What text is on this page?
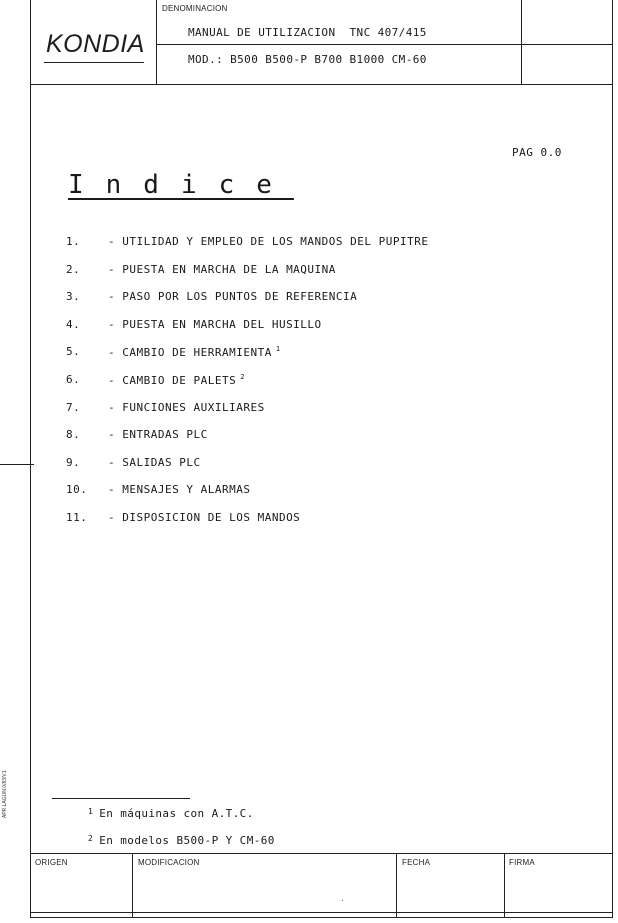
KONDIA
DENOMINACION
MANUAL DE UTILIZACION  TNC 407/415
MOD.: B500 B500-P B700 B1000 CM-60
PAG 0.0
Indice
1.	- UTILIDAD Y EMPLEO DE LOS MANDOS DEL PUPITRE
2.	- PUESTA EN MARCHA DE LA MAQUINA
3.	- PASO POR LOS PUNTOS DE REFERENCIA
4.	- PUESTA EN MARCHA DEL HUSILLO
5.	- CAMBIO DE HERRAMIENTA $^1$
6.	- CAMBIO DE PALETS $^2$
7.	- FUNCIONES AUXILIARES
8.	- ENTRADAS PLC
9.	- SALIDAS PLC
10. - MENSAJES Y ALARMAS
11. - DISPOSICION DE LOS MANDOS
APR.LAGUN.0/83/V1	$^1$ En máquinas con A.T.C.
$^2$ En modelos B500-P Y CM-60
ORIGEN	MODIFICACION	FECHA	FIRMA
․
